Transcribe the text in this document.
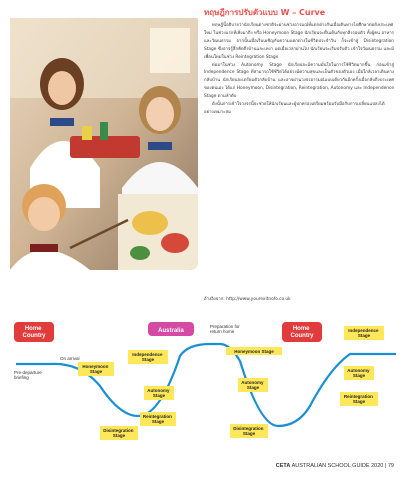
ทฤษฎีการปรับตัวแบบ W – Curve

ทฤษฎีนี้อธิบายว่านักเรียนต่างชาติจะผ่านช่วงอารมณ์ที่แตกต่างกันเมื่อเดินทางไปศึกษาต่อยังประเทศใหม่ ในช่วงแรกที่เพิ่งมาถึง หรือ Honeymoon Stage นักเรียนจะตื่นเต้นกับทุกสิ่งรอบตัว ทั้งผู้คน อาหาร และวัฒนธรรม จากนั้นเมื่อเริ่มเผชิญกับความแตกต่างในชีวิตประจำวัน ก็จะเข้าสู่ Disintegration Stage ซึ่งอาจรู้สึกคิดถึงบ้านและเหงา แต่เมื่อเวลาผ่านไป นักเรียนจะเริ่มปรับตัว เข้าใจวัฒนธรรม และมีเพื่อนใหม่ในช่วง Reintegration Stage

ต่อมาในช่วง Autonomy Stage นักเรียนจะมีความมั่นใจในการใช้ชีวิตมากขึ้น ก่อนเข้าสู่ Independence Stage ที่สามารถใช้ชีวิตได้อย่างมีความสุขและเป็นตัวของตัวเอง เมื่อใกล้เวลาเดินทางกลับบ้าน นักเรียนจะเตรียมตัวกลับบ้าน และอาจผ่านวงจรอารมณ์แบบเดียวกันอีกครั้งเมื่อกลับถึงประเทศของตนเอง ได้แก่ Honeymoon, Disintegration, Reintegration, Autonomy และ Independence Stage ตามลำดับ

ดังนั้นการเข้าใจวงจรนี้จะช่วยให้นักเรียนและผู้ปกครองเตรียมพร้อมรับมือกับการเปลี่ยนแปลงได้อย่างเหมาะสม

อ้างอิงจาก: http://www.yourexitnofo.co.uk
Home Country
Australia	Home Country
On arrival
Pre-departure briefing
Honeymoon Stage
Independence Stage
Autonomy Stage
Reintegration Stage
Disintegration Stage
Preparation for return home
Honeymoon Stage
Autonomy Stage
Disintegration Stage
Independence Stage
Autonomy Stage
Reintegration Stage
CETA AUSTRALIAN SCHOOL GUIDE 2020 | 79
